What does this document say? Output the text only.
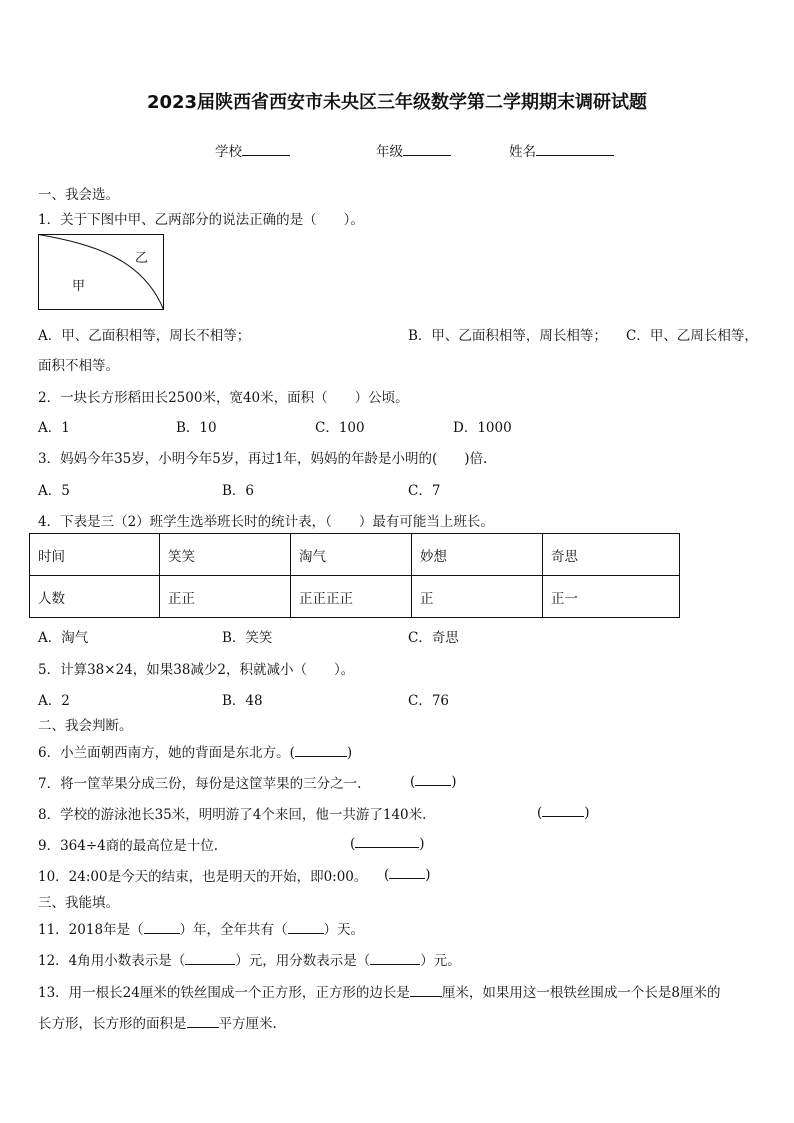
2023届陕西省西安市未央区三年级数学第二学期期末调研试题
学校	年级	姓名
一、我会选。
1．关于下图中甲、乙两部分的说法正确的是（　　）。
甲
乙
A．甲、乙面积相等，周长不相等；	B．甲、乙面积相等，周长相等； C．甲、乙周长相等，
面积不相等。
2．一块长方形稻田长2500米，宽40米，面积（　　）公顷。
A．1	B．10	C．100	D．1000
3．妈妈今年35岁，小明今年5岁，再过1年，妈妈的年龄是小明的(　　)倍.
A．5	B．6	C．7
4．下表是三（2）班学生选举班长时的统计表，（　　）最有可能当上班长。
时间	笑笑	淘气	妙想	奇思
人数	正正	正正正正	正	正一
A．淘气	B．笑笑	C．奇思
5．计算38×24，如果38减少2，积就减小（　　）。
A．2	B．48	C．76
二、我会判断。
6．小兰面朝西南方，她的背面是东北方。(	)
7．将一筐苹果分成三份，每份是这筐苹果的三分之一.	(	)
8．学校的游泳池长35米，明明游了4个来回，他一共游了140米.	(	)
9．364÷4商的最高位是十位.	(	)
10．24:00是今天的结束，也是明天的开始，即0:00。 (	)
三、我能填。
11．2018年是（	）年，全年共有（	）天。
12．4角用小数表示是（	）元，用分数表示是（	）元。
13．用一根长24厘米的铁丝围成一个正方形，正方形的边长是 厘米，如果用这一根铁丝围成一个长是8厘米的
长方形，长方形的面积是 平方厘米.
